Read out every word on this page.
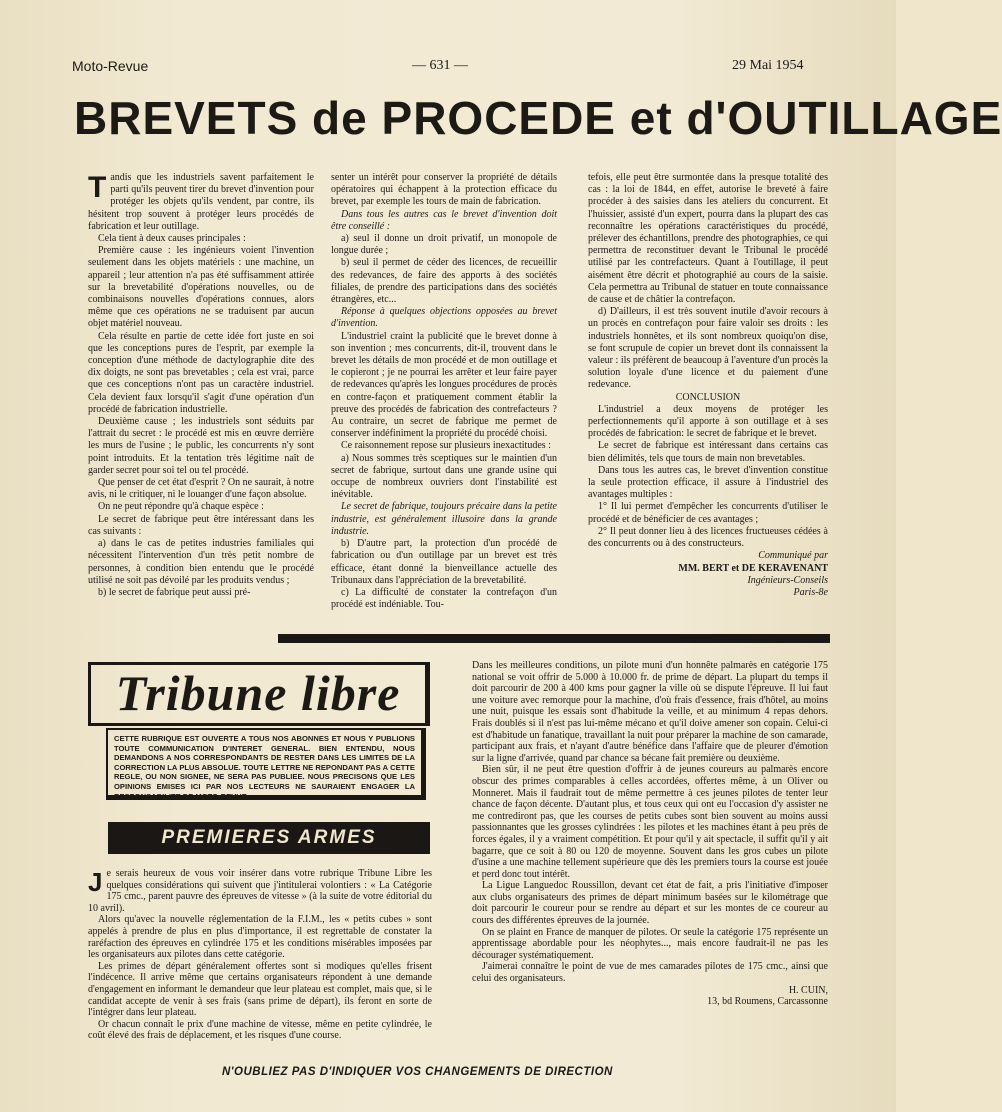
Moto-Revue	— 631 —	29 Mai 1954
BREVETS de PROCEDE et d'OUTILLAGE

Tandis que les industriels savent parfaitement le parti qu'ils peuvent tirer du brevet d'invention pour protéger les objets qu'ils vendent, par contre, ils hésitent trop souvent à protéger leurs procédés de fabrication et leur outillage.

Cela tient à deux causes principales :

Première cause : les ingénieurs voient l'invention seulement dans les objets matériels : une machine, un appareil ; leur attention n'a pas été suffisamment attirée sur la brevetabilité d'opérations nouvelles, ou de combinaisons nouvelles d'opérations connues, alors même que ces opérations ne se traduisent par aucun objet matériel nouveau.

Cela résulte en partie de cette idée fort juste en soi que les conceptions pures de l'esprit, par exemple la conception d'une méthode de dactylographie dite des dix doigts, ne sont pas brevetables ; cela est vrai, parce que ces conceptions n'ont pas un caractère industriel. Cela devient faux lorsqu'il s'agit d'une opération d'un procédé de fabrication industrielle.

Deuxième cause ; les industriels sont séduits par l'attrait du secret : le procédé est mis en œuvre derrière les murs de l'usine ; le public, les concurrents n'y sont point introduits. Et la tentation très légitime naît de garder secret pour soi tel ou tel procédé.

Que penser de cet état d'esprit ? On ne saurait, à notre avis, ni le critiquer, ni le louanger d'une façon absolue.

On ne peut répondre qu'à chaque espèce :

Le secret de fabrique peut être intéressant dans les cas suivants :

a) dans le cas de petites industries familiales qui nécessitent l'intervention d'un très petit nombre de personnes, à condition bien entendu que le procédé utilisé ne soit pas dévoilé par les produits vendus ;

b) le secret de fabrique peut aussi pré-

senter un intérêt pour conserver la propriété de détails opératoires qui échappent à la protection efficace du brevet, par exemple les tours de main de fabrication.

Dans tous les autres cas le brevet d'invention doit être conseillé :

a) seul il donne un droit privatif, un monopole de longue durée ;

b) seul il permet de céder des licences, de recueillir des redevances, de faire des apports à des sociétés filiales, de prendre des participations dans des sociétés étrangères, etc...

Réponse à quelques objections opposées au brevet d'invention.

L'industriel craint la publicité que le brevet donne à son invention ; mes concurrents, dit-il, trouvent dans le brevet les détails de mon procédé et de mon outillage et le copieront ; je ne pourrai les arrêter et leur faire payer de redevances qu'après les longues procédures de procès en contre-façon et pratiquement comment établir la preuve des procédés de fabrication des contrefacteurs ? Au contraire, un secret de fabrique me permet de conserver indéfiniment la propriété du procédé choisi.

Ce raisonnement repose sur plusieurs inexactitudes :

a) Nous sommes très sceptiques sur le maintien d'un secret de fabrique, surtout dans une grande usine qui occupe de nombreux ouvriers dont l'instabilité est inévitable.

Le secret de fabrique, toujours précaire dans la petite industrie, est généralement illusoire dans la grande industrie.

b) D'autre part, la protection d'un procédé de fabrication ou d'un outillage par un brevet est très efficace, étant donné la bienveillance actuelle des Tribunaux dans l'appréciation de la brevetabilité.

c) La difficulté de constater la contrefaçon d'un procédé est indéniable. Tou-

tefois, elle peut être surmontée dans la presque totalité des cas : la loi de 1844, en effet, autorise le breveté à faire procéder à des saisies dans les ateliers du concurrent. Et l'huissier, assisté d'un expert, pourra dans la plupart des cas reconnaître les opérations caractéristiques du procédé, prélever des échantillons, prendre des photographies, ce qui permettra de reconstituer devant le Tribunal le procédé utilisé par les contrefacteurs. Quant à l'outillage, il peut aisément être décrit et photographié au cours de la saisie. Cela permettra au Tribunal de statuer en toute connaissance de cause et de châtier la contrefaçon.

d) D'ailleurs, il est très souvent inutile d'avoir recours à un procès en contrefaçon pour faire valoir ses droits : les industriels honnêtes, et ils sont nombreux quoiqu'on dise, se font scrupule de copier un brevet dont ils connaissent la valeur : ils préfèrent de beaucoup à l'aventure d'un procès la solution loyale d'une licence et du paiement d'une redevance.

CONCLUSION

L'industriel a deux moyens de protéger les perfectionnements qu'il apporte à son outillage et à ses procédés de fabrication: le secret de fabrique et le brevet.

Le secret de fabrique est intéressant dans certains cas bien délimités, tels que tours de main non brevetables.

Dans tous les autres cas, le brevet d'invention constitue la seule protection efficace, il assure à l'industriel des avantages multiples :

1° Il lui permet d'empêcher les concurrents d'utiliser le procédé et de bénéficier de ces avantages ;

2° Il peut donner lieu à des licences fructueuses cédées à des concurrents ou à des constructeurs.

Communiqué par
MM. BERT et DE KERAVENANT
Ingénieurs-Conseils
Paris-8e
Tribune libre
CETTE RUBRIQUE EST OUVERTE A TOUS NOS ABONNES ET NOUS Y PUBLIONS TOUTE COMMUNICATION D'INTERET GENERAL. BIEN ENTENDU, NOUS DEMANDONS A NOS CORRESPONDANTS DE RESTER DANS LES LIMITES DE LA CORRECTION LA PLUS ABSOLUE. TOUTE LETTRE NE REPONDANT PAS A CETTE REGLE, OU NON SIGNEE, NE SERA PAS PUBLIEE. NOUS PRECISONS QUE LES OPINIONS EMISES ICI PAR NOS LECTEURS NE SAURAIENT ENGAGER LA RESPONSABILITE DE MOTO-REVUE
PREMIERES ARMES

Je serais heureux de vous voir insérer dans votre rubrique Tribune Libre les quelques considérations qui suivent que j'intitulerai volontiers : « La Catégorie 175 cmc., parent pauvre des épreuves de vitesse » (à la suite de votre éditorial du 10 avril).

Alors qu'avec la nouvelle réglementation de la F.I.M., les « petits cubes » sont appelés à prendre de plus en plus d'importance, il est regrettable de constater la raréfaction des épreuves en cylindrée 175 et les conditions misérables imposées par les organisateurs aux pilotes dans cette catégorie.

Les primes de départ généralement offertes sont si modiques qu'elles frisent l'indécence. Il arrive même que certains organisateurs répondent à une demande d'engagement en informant le demandeur que leur plateau est complet, mais que, si le candidat accepte de venir à ses frais (sans prime de départ), ils feront en sorte de l'intégrer dans leur plateau.

Or chacun connaît le prix d'une machine de vitesse, même en petite cylindrée, le coût élevé des frais de déplacement, et les risques d'une course.

Dans les meilleures conditions, un pilote muni d'un honnête palmarès en catégorie 175 national se voit offrir de 5.000 à 10.000 fr. de prime de départ. La plupart du temps il doit parcourir de 200 à 400 kms pour gagner la ville où se dispute l'épreuve. Il lui faut une voiture avec remorque pour la machine, d'où frais d'essence, frais d'hôtel, au moins une nuit, puisque les essais sont d'habitude la veille, et au minimum 4 repas dehors. Frais doublés si il n'est pas lui-même mécano et qu'il doive amener son copain. Celui-ci est d'habitude un fanatique, travaillant la nuit pour préparer la machine de son camarade, participant aux frais, et n'ayant d'autre bénéfice dans l'affaire que de pleurer d'émotion sur la ligne d'arrivée, quand par chance sa bécane fait première ou deuxième.

Bien sûr, il ne peut être question d'offrir à de jeunes coureurs au palmarès encore obscur des primes comparables à celles accordées, offertes même, à un Oliver ou Monneret. Mais il faudrait tout de même permettre à ces jeunes pilotes de tenter leur chance de façon décente. D'autant plus, et tous ceux qui ont eu l'occasion d'y assister ne me contrediront pas, que les courses de petits cubes sont bien souvent au moins aussi passionnantes que les grosses cylindrées : les pilotes et les machines étant à peu près de forces égales, il y a vraiment compétition. Et pour qu'il y ait spectacle, il suffit qu'il y ait bagarre, que ce soit à 80 ou 120 de moyenne. Souvent dans les gros cubes un pilote d'usine a une machine tellement supérieure que dès les premiers tours la course est jouée et perd donc tout intérêt.

La Ligue Languedoc Roussillon, devant cet état de fait, a pris l'initiative d'imposer aux clubs organisateurs des primes de départ minimum basées sur le kilométrage que doit parcourir le coureur pour se rendre au départ et sur les montes de ce coureur au cours des différentes épreuves de la journée.

On se plaint en France de manquer de pilotes. Or seule la catégorie 175 représente un apprentissage abordable pour les néophytes..., mais encore faudrait-il ne pas les décourager systématiquement.

J'aimerai connaître le point de vue de mes camarades pilotes de 175 cmc., ainsi que celui des organisateurs.

H. CUIN,
13, bd Roumens, Carcassonne
N'OUBLIEZ PAS D'INDIQUER VOS CHANGEMENTS DE DIRECTION
